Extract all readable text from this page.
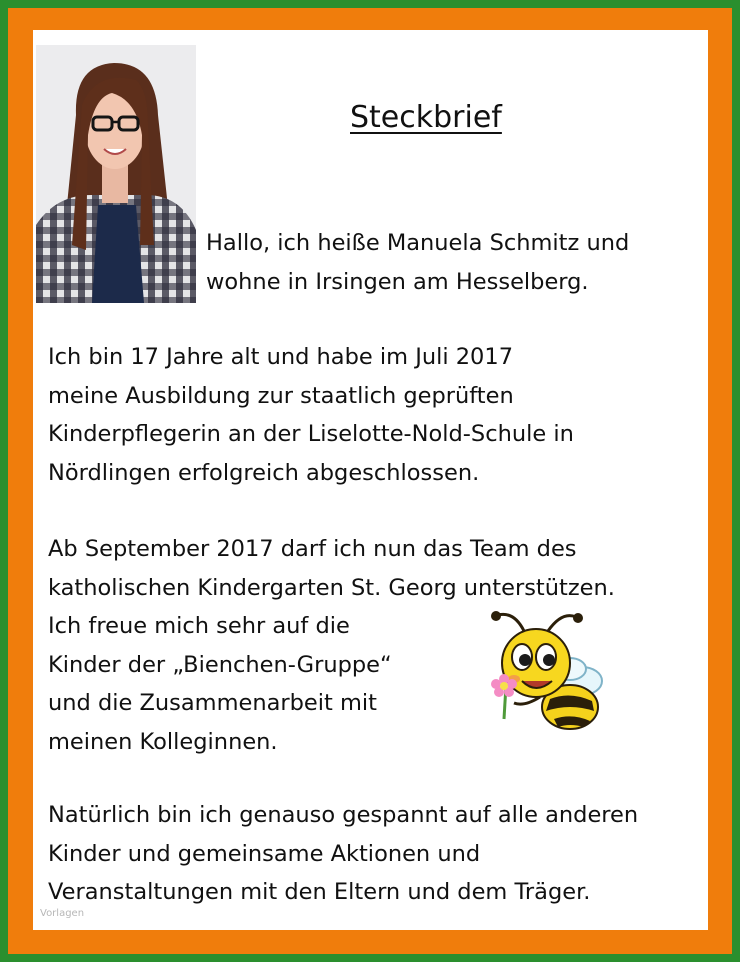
Steckbrief
Hallo, ich heiße Manuela Schmitz und
wohne in Irsingen am Hesselberg.
Ich bin 17 Jahre alt und habe im Juli 2017
meine Ausbildung zur staatlich geprüften
Kinderpflegerin an der Liselotte-Nold-Schule in
Nördlingen erfolgreich abgeschlossen.
Ab September 2017 darf ich nun das Team des
katholischen Kindergarten St. Georg unterstützen.
Ich freue mich sehr auf die
Kinder der „Bienchen-Gruppe“
und die Zusammenarbeit mit
meinen Kolleginnen.
Natürlich bin ich genauso gespannt auf alle anderen
Kinder und gemeinsame Aktionen und
Veranstaltungen mit den Eltern und dem Träger.
Vorlagen
